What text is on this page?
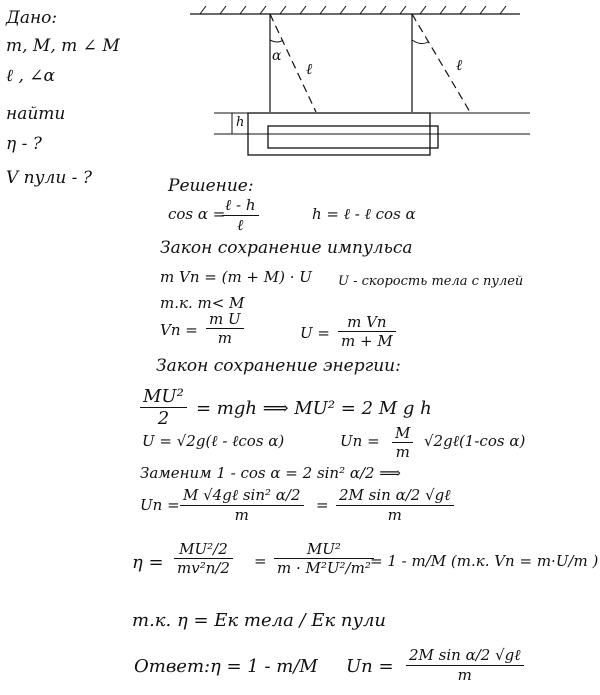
α
ℓ	ℓ
h
Дано:
m, M, m ∠ M
ℓ , ∠α
найти
η - ?
V пули - ?	Решение:
cos α = ℓ - h
ℓ
h = ℓ - ℓ cos α
Закон сохранение импульса
m Vп = (m + M) · U U - скорость тела с пулей
т.к. m< M
Vп = $\frac{\text{m U}}{m}$	U =
m Vп
m + M
Закон сохранение энергии:
$\frac{\text{MU²}}{2}$ = mgh ⟹ MU² = 2 M g h
U = √2g(ℓ - ℓcos α)	Uп = $\frac{M}{m}$ √2gℓ(1-cos α)
Заменим 1 - cos α = 2 sin² α/2 ⟹
Uп =
M √4gℓ sin² α/2
m
=
2M sin α/2 √gℓ
m
η =
MU²/2
$mv^2п/2 = \frac{\text{MU²}}{\text{m · M²U²/m²}}$
= 1 - m/M (т.к. Vп = m·U/m )
т.к. η = Eк тела / Eк пули
Ответ: η = 1 - m/M Uп =
2M sin α/2 √gℓ
m
